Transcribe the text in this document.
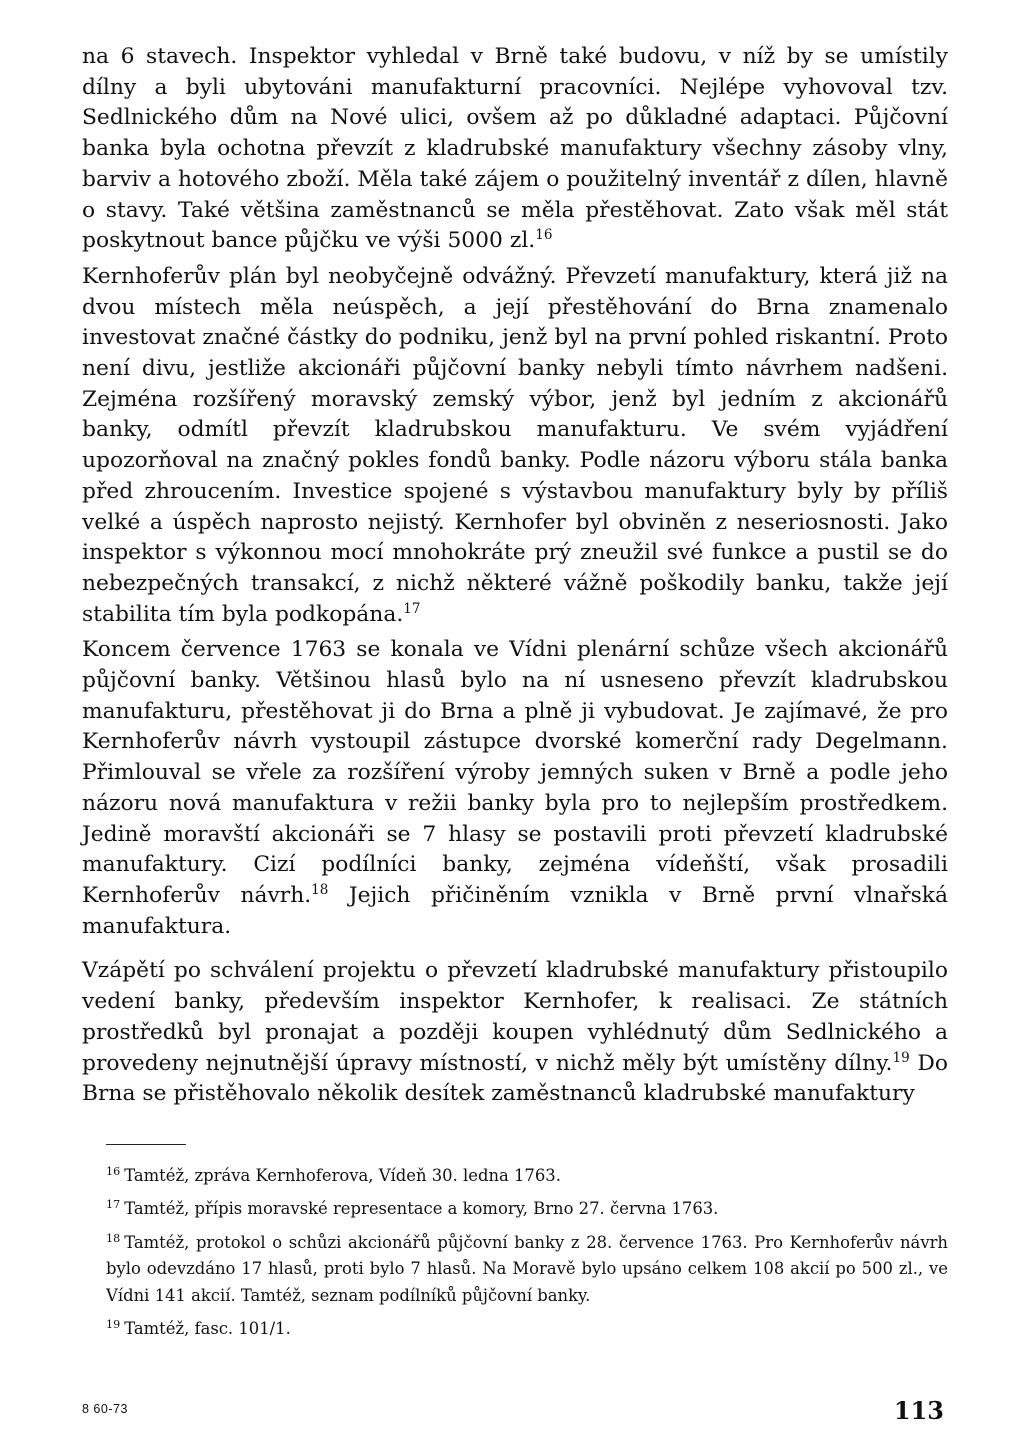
na 6 stavech. Inspektor vyhledal v Brně také budovu, v níž by se umístily dílny a byli ubytováni manufakturní pracovníci. Nejlépe vyhovoval tzv. Sedlnického dům na Nové ulici, ovšem až po důkladné adaptaci. Půjčovní banka byla ochotna převzít z kladrubské manufaktury všechny zásoby vlny, barviv a hotového zboží. Měla také zájem o použitelný inventář z dílen, hlavně o stavy. Také většina zaměstnanců se měla přestěhovat. Zato však měl stát poskytnout bance půjčku ve výši 5000 zl.$^{16}$

Kernhoferův plán byl neobyčejně odvážný. Převzetí manufaktury, která již na dvou místech měla neúspěch, a její přestěhování do Brna znamenalo investovat značné částky do podniku, jenž byl na první pohled riskantní. Proto není divu, jestliže akcionáři půjčovní banky nebyli tímto návrhem nadšeni. Zejména rozšířený moravský zemský výbor, jenž byl jedním z akcionářů banky, odmítl převzít kladrubskou manufakturu. Ve svém vyjádření upozorňoval na značný pokles fondů banky. Podle názoru výboru stála banka před zhroucením. Investice spojené s výstavbou manufaktury byly by příliš velké a úspěch naprosto nejistý. Kernhofer byl obviněn z neseriosnosti. Jako inspektor s výkonnou mocí mnohokráte prý zneužil své funkce a pustil se do nebezpečných transakcí, z nichž některé vážně poškodily banku, takže její stabilita tím byla podkopána.$^{17}$

Koncem července 1763 se konala ve Vídni plenární schůze všech akcionářů půjčovní banky. Většinou hlasů bylo na ní usneseno převzít kladrubskou manufakturu, přestěhovat ji do Brna a plně ji vybudovat. Je zajímavé, že pro Kernhoferův návrh vystoupil zástupce dvorské komerční rady Degelmann. Přimlouval se vřele za rozšíření výroby jemných suken v Brně a podle jeho názoru nová manufaktura v režii banky byla pro to nejlepším prostředkem. Jedině moravští akcionáři se 7 hlasy se postavili proti převzetí kladrubské manufaktury. Cizí podílníci banky, zejména vídeňští, však prosadili Kernhoferův návrh.$^{18}$ Jejich přičiněním vznikla v Brně první vlnařská manufaktura.

Vzápětí po schválení projektu o převzetí kladrubské manufaktury přistoupilo vedení banky, především inspektor Kernhofer, k realisaci. Ze státních prostředků byl pronajat a později koupen vyhlédnutý dům Sedlnického a provedeny nejnutnější úpravy místností, v nichž měly být umístěny dílny.$^{19}$ Do Brna se přistěhovalo několik desítek zaměstnanců kladrubské manufaktury

$^{16}$ Tamtéž, zpráva Kernhoferova, Vídeň 30. ledna 1763.
$^{17}$ Tamtéž, přípis moravské representace a komory, Brno 27. června 1763.
$^{18}$ Tamtéž, protokol o schůzi akcionářů půjčovní banky z 28. července 1763. Pro Kernhoferův návrh bylo odevzdáno 17 hlasů, proti bylo 7 hlasů. Na Moravě bylo upsáno celkem 108 akcií po 500 zl., ve Vídni 141 akcií. Tamtéž, seznam podílníků půjčovní banky.
$^{19}$ Tamtéž, fasc. 101/1.
8 60-73	113
